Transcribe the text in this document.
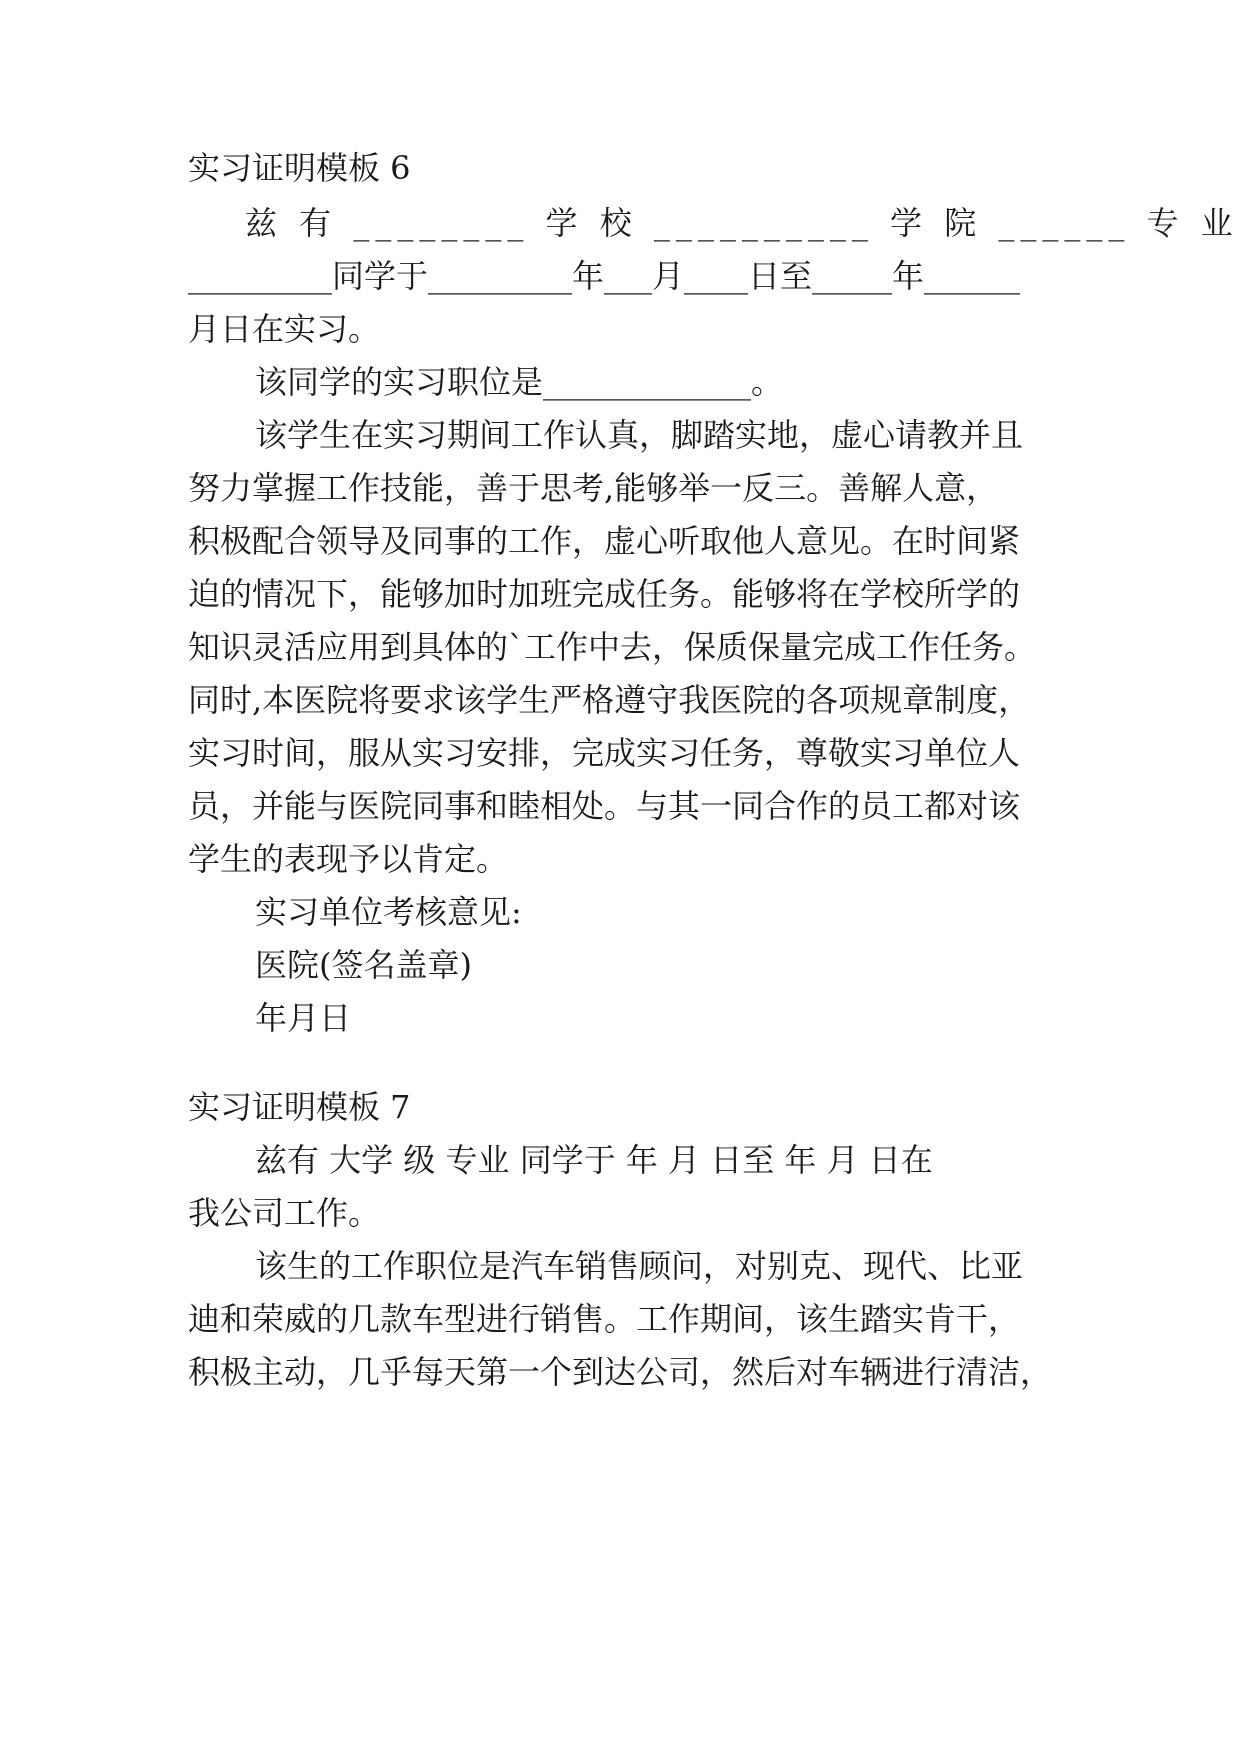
实习证明模板 6
兹 有 ________ 学 校 __________ 学 院 ______ 专 业
_________同学于_________年___月____日至_____年______
月日在实习。
该同学的实习职位是_____________。
该学生在实习期间工作认真，脚踏实地，虚心请教并且
努力掌握工作技能，善于思考,能够举一反三。善解人意，
积极配合领导及同事的工作，虚心听取他人意见。在时间紧
迫的情况下，能够加时加班完成任务。能够将在学校所学的
知识灵活应用到具体的`工作中去，保质保量完成工作任务。
同时,本医院将要求该学生严格遵守我医院的各项规章制度，
实习时间，服从实习安排，完成实习任务，尊敬实习单位人
员，并能与医院同事和睦相处。与其一同合作的员工都对该
学生的表现予以肯定。
实习单位考核意见:
医院(签名盖章)
年月日
实习证明模板 7
兹有 大学 级 专业 同学于 年 月 日至 年 月 日在
我公司工作。
该生的工作职位是汽车销售顾问，对别克、现代、比亚
迪和荣威的几款车型进行销售。工作期间，该生踏实肯干，
积极主动，几乎每天第一个到达公司，然后对车辆进行清洁，
